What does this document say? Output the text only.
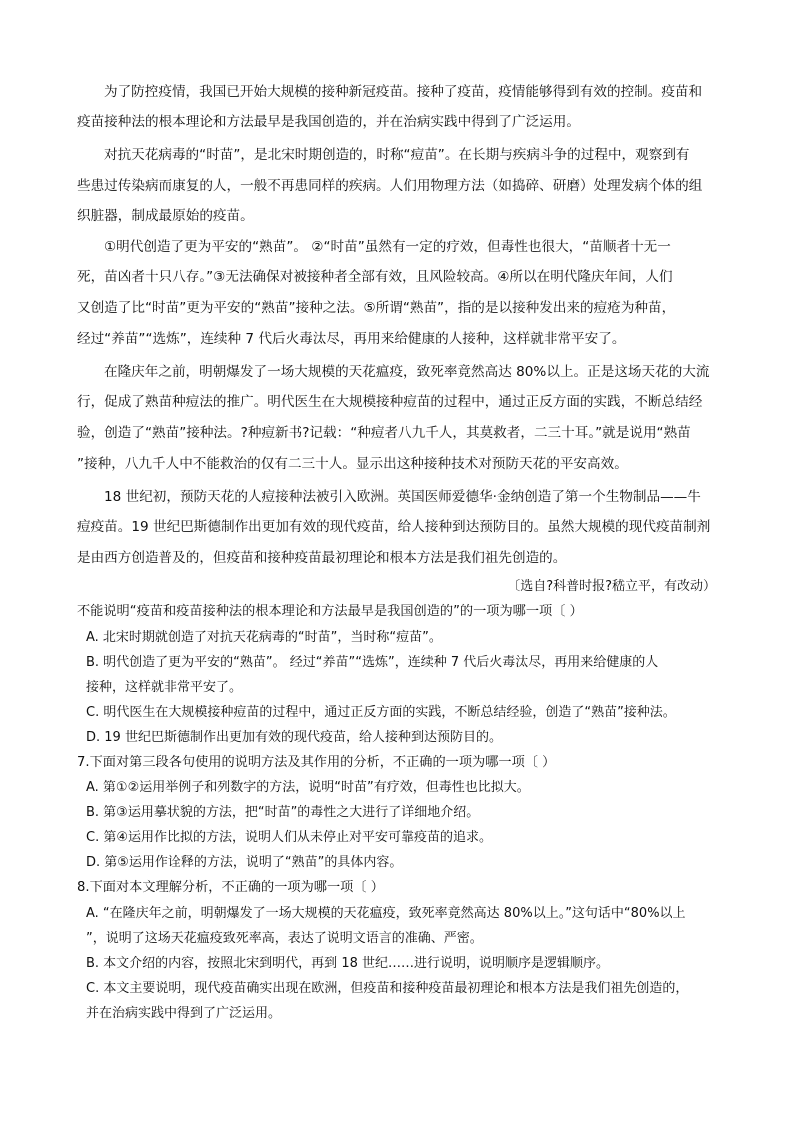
为了防控疫情，我国已开始大规模的接种新冠疫苗。接种了疫苗，疫情能够得到有效的控制。疫苗和
疫苗接种法的根本理论和方法最早是我国创造的，并在治病实践中得到了广泛运用。
对抗天花病毒的“时苗”，是北宋时期创造的，时称“痘苗”。在长期与疾病斗争的过程中，观察到有
些患过传染病而康复的人，一般不再患同样的疾病。人们用物理方法（如捣碎、研磨）处理发病个体的组
织脏器，制成最原始的疫苗。
①明代创造了更为平安的“熟苗”。 ②“时苗”虽然有一定的疗效，但毒性也很大，“苗顺者十无一
死，苗凶者十只八存。”③无法确保对被接种者全部有效，且风险较高。④所以在明代隆庆年间，人们
又创造了比“时苗”更为平安的“熟苗”接种之法。⑤所谓“熟苗”，指的是以接种发出来的痘疮为种苗，
经过“养苗”“选炼”，连续种 7 代后火毒汰尽，再用来给健康的人接种，这样就非常平安了。
在隆庆年之前，明朝爆发了一场大规模的天花瘟疫，致死率竟然高达 80%以上。正是这场天花的大流
行，促成了熟苗种痘法的推广。明代医生在大规模接种痘苗的过程中，通过正反方面的实践，不断总结经
验，创造了“熟苗”接种法。?种痘新书?记载：“种痘者八九千人，其莫救者，二三十耳。”就是说用“熟苗
”接种，八九千人中不能救治的仅有二三十人。显示出这种接种技术对预防天花的平安高效。
18 世纪初，预防天花的人痘接种法被引入欧洲。英国医师爱德华·金纳创造了第一个生物制品——牛
痘疫苗。19 世纪巴斯德制作出更加有效的现代疫苗，给人接种到达预防目的。虽然大规模的现代疫苗制剂
是由西方创造普及的，但疫苗和接种疫苗最初理论和根本方法是我们祖先创造的。
〔选自?科普时报?嵇立平，有改动）
不能说明“疫苗和疫苗接种法的根本理论和方法最早是我国创造的”的一项为哪一项〔 ）
A. 北宋时期就创造了对抗天花病毒的“时苗”，当时称“痘苗”。
B. 明代创造了更为平安的“熟苗”。 经过“养苗”“选炼”，连续种 7 代后火毒汰尽，再用来给健康的人
接种，这样就非常平安了。
C. 明代医生在大规模接种痘苗的过程中，通过正反方面的实践，不断总结经验，创造了“熟苗”接种法。
D. 19 世纪巴斯德制作出更加有效的现代疫苗，给人接种到达预防目的。
7.下面对第三段各句使用的说明方法及其作用的分析，不正确的一项为哪一项〔 ）
A. 第①②运用举例子和列数字的方法，说明“时苗”有疗效，但毒性也比拟大。
B. 第③运用摹状貌的方法，把“时苗”的毒性之大进行了详细地介绍。
C. 第④运用作比拟的方法，说明人们从未停止对平安可靠疫苗的追求。
D. 第⑤运用作诠释的方法，说明了“熟苗”的具体内容。
8.下面对本文理解分析，不正确的一项为哪一项〔 ）
A. “在隆庆年之前，明朝爆发了一场大规模的天花瘟疫，致死率竟然高达 80%以上。”这句话中“80%以上
”，说明了这场天花瘟疫致死率高，表达了说明文语言的准确、严密。
B. 本文介绍的内容，按照北宋到明代，再到 18 世纪……进行说明，说明顺序是逻辑顺序。
C. 本文主要说明，现代疫苗确实出现在欧洲，但疫苗和接种疫苗最初理论和根本方法是我们祖先创造的，
并在治病实践中得到了广泛运用。
